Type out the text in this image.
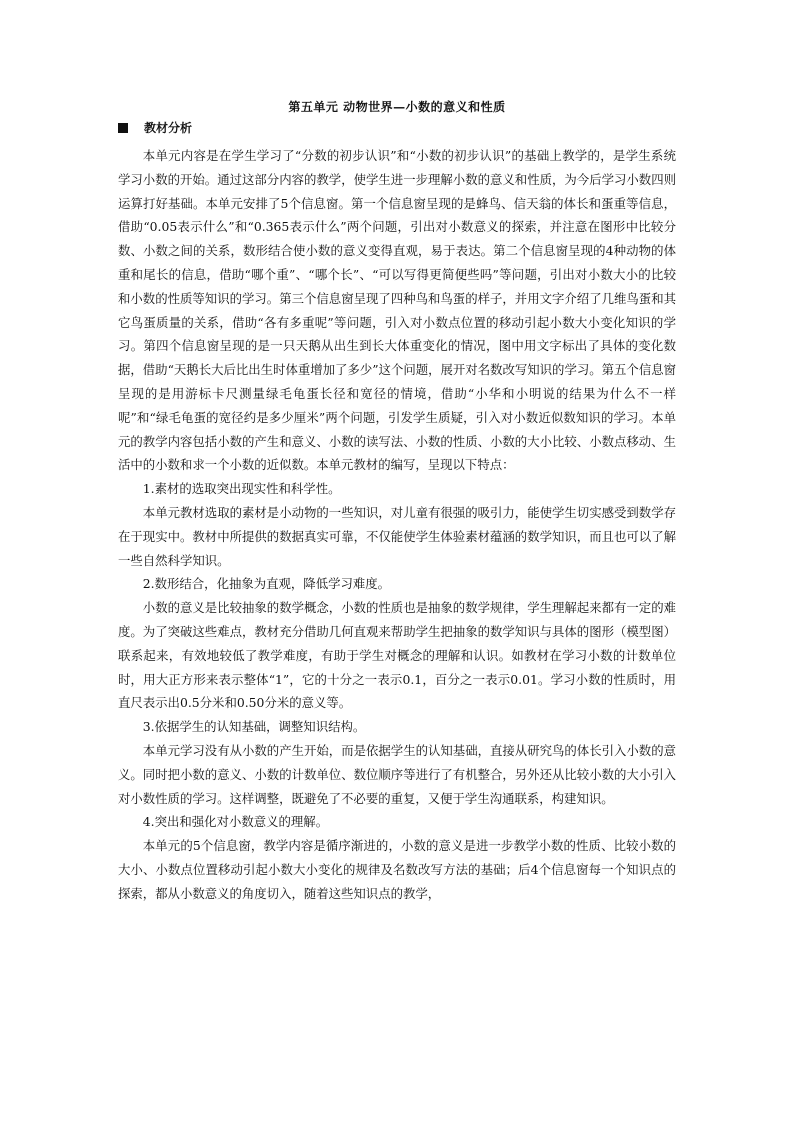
第五单元 动物世界—小数的意义和性质
教材分析

本单元内容是在学生学习了“分数的初步认识”和“小数的初步认识”的基础上教学的，是学生系统学习小数的开始。通过这部分内容的教学，使学生进一步理解小数的意义和性质，为今后学习小数四则运算打好基础。本单元安排了5个信息窗。第一个信息窗呈现的是蜂鸟、信天翁的体长和蛋重等信息，借助“0.05表示什么”和“0.365表示什么”两个问题，引出对小数意义的探索，并注意在图形中比较分数、小数之间的关系，数形结合使小数的意义变得直观，易于表达。第二个信息窗呈现的4种动物的体重和尾长的信息，借助“哪个重”、“哪个长”、“可以写得更简便些吗”等问题，引出对小数大小的比较和小数的性质等知识的学习。第三个信息窗呈现了四种鸟和鸟蛋的样子，并用文字介绍了几维鸟蛋和其它鸟蛋质量的关系，借助“各有多重呢”等问题，引入对小数点位置的移动引起小数大小变化知识的学习。第四个信息窗呈现的是一只天鹅从出生到长大体重变化的情况，图中用文字标出了具体的变化数据，借助“天鹅长大后比出生时体重增加了多少”这个问题，展开对名数改写知识的学习。第五个信息窗呈现的是用游标卡尺测量绿毛龟蛋长径和宽径的情境，借助“小华和小明说的结果为什么不一样呢”和“绿毛龟蛋的宽径约是多少厘米”两个问题，引发学生质疑，引入对小数近似数知识的学习。本单元的教学内容包括小数的产生和意义、小数的读写法、小数的性质、小数的大小比较、小数点移动、生活中的小数和求一个小数的近似数。本单元教材的编写，呈现以下特点：

1.素材的选取突出现实性和科学性。

本单元教材选取的素材是小动物的一些知识，对儿童有很强的吸引力，能使学生切实感受到数学存在于现实中。教材中所提供的数据真实可靠，不仅能使学生体验素材蕴涵的数学知识，而且也可以了解一些自然科学知识。

2.数形结合，化抽象为直观，降低学习难度。

小数的意义是比较抽象的数学概念，小数的性质也是抽象的数学规律，学生理解起来都有一定的难度。为了突破这些难点，教材充分借助几何直观来帮助学生把抽象的数学知识与具体的图形（模型图）联系起来，有效地较低了教学难度，有助于学生对概念的理解和认识。如教材在学习小数的计数单位时，用大正方形来表示整体“1”，它的十分之一表示0.1，百分之一表示0.01。学习小数的性质时，用直尺表示出0.5分米和0.50分米的意义等。

3.依据学生的认知基础，调整知识结构。

本单元学习没有从小数的产生开始，而是依据学生的认知基础，直接从研究鸟的体长引入小数的意义。同时把小数的意义、小数的计数单位、数位顺序等进行了有机整合，另外还从比较小数的大小引入对小数性质的学习。这样调整，既避免了不必要的重复，又便于学生沟通联系，构建知识。

4.突出和强化对小数意义的理解。

本单元的5个信息窗，教学内容是循序渐进的，小数的意义是进一步教学小数的性质、比较小数的大小、小数点位置移动引起小数大小变化的规律及名数改写方法的基础；后4个信息窗每一个知识点的探索，都从小数意义的角度切入，随着这些知识点的教学，
